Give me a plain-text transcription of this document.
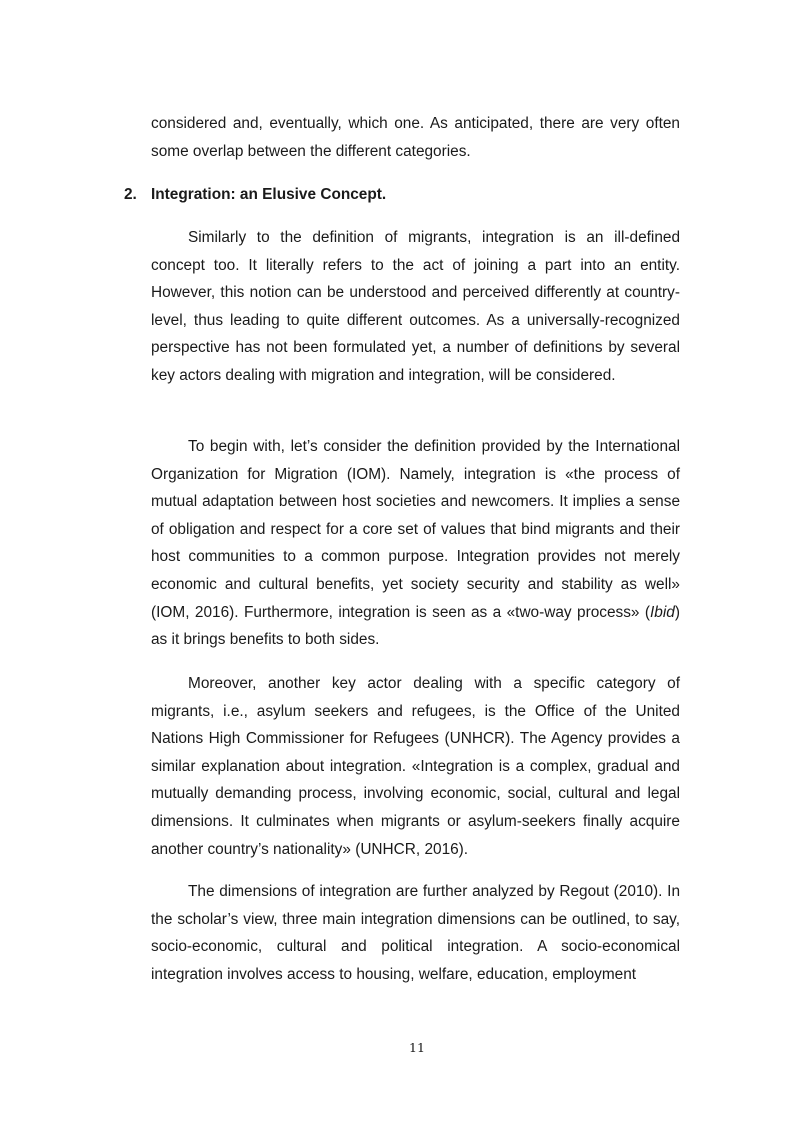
considered and, eventually, which one. As anticipated, there are very often some overlap between the different categories.

2. Integration: an Elusive Concept.

Similarly to the definition of migrants, integration is an ill-defined concept too. It literally refers to the act of joining a part into an entity. However, this notion can be understood and perceived differently at country-level, thus leading to quite different outcomes. As a universally-recognized perspective has not been formulated yet, a number of definitions by several key actors dealing with migration and integration, will be considered.

To begin with, let’s consider the definition provided by the International Organization for Migration (IOM). Namely, integration is «the process of mutual adaptation between host societies and newcomers. It implies a sense of obligation and respect for a core set of values that bind migrants and their host communities to a common purpose. Integration provides not merely economic and cultural benefits, yet society security and stability as well» (IOM, 2016). Furthermore, integration is seen as a «two-way process» (Ibid) as it brings benefits to both sides.

Moreover, another key actor dealing with a specific category of migrants, i.e., asylum seekers and refugees, is the Office of the United Nations High Commissioner for Refugees (UNHCR). The Agency provides a similar explanation about integration. «Integration is a complex, gradual and mutually demanding process, involving economic, social, cultural and legal dimensions. It culminates when migrants or asylum-seekers finally acquire another country’s nationality» (UNHCR, 2016).

The dimensions of integration are further analyzed by Regout (2010). In the scholar’s view, three main integration dimensions can be outlined, to say, socio-economic, cultural and political integration. A socio-economical integration involves access to housing, welfare, education, employment

11
